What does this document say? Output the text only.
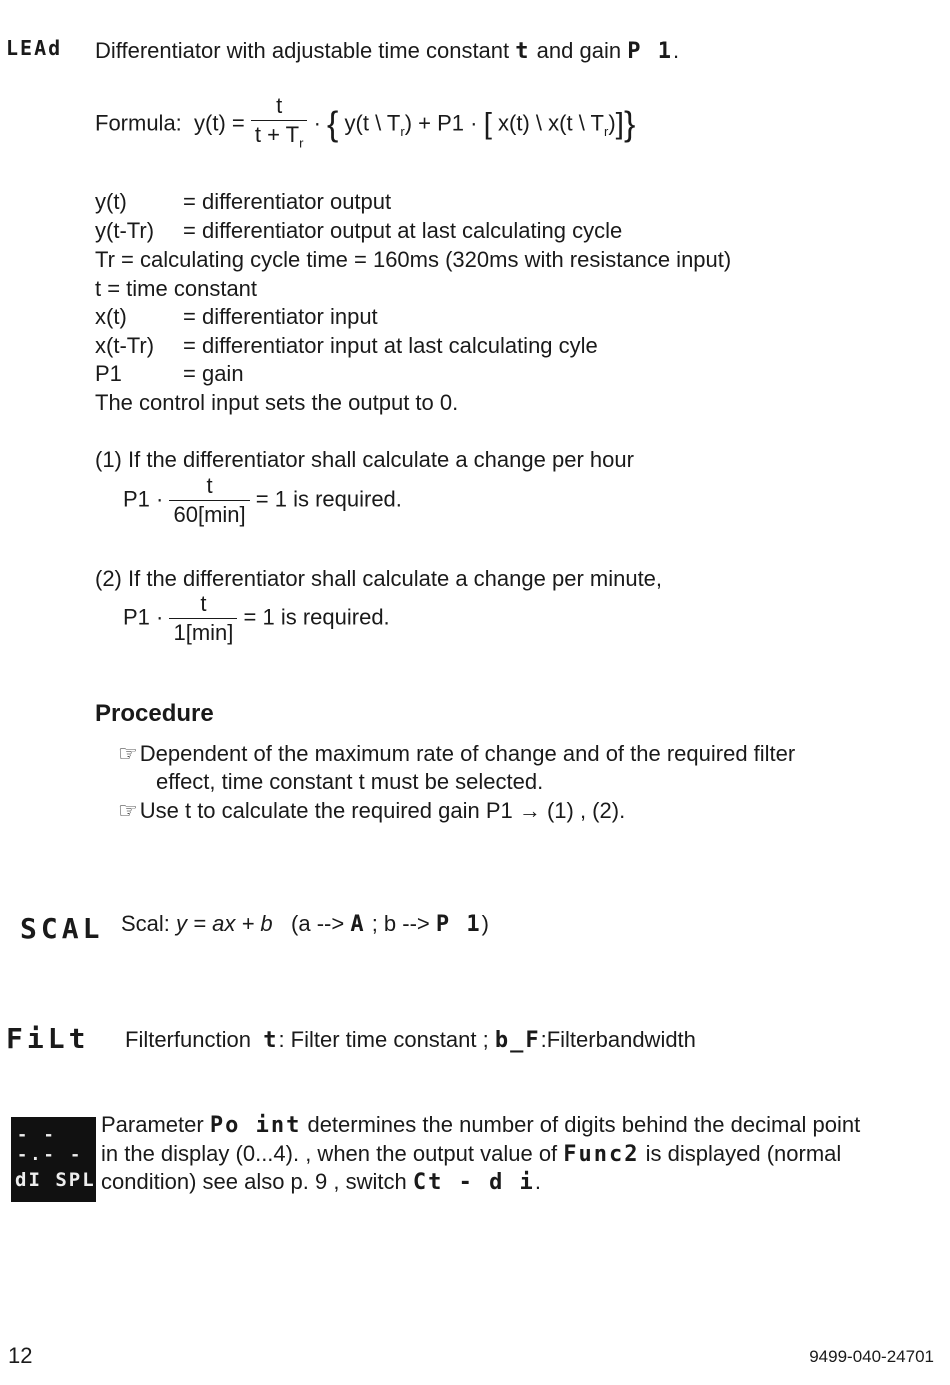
LEAd Differentiator with adjustable time constant t and gain P 1.
Formula: $y(t) = \frac{t}{t + T_r}$ · { y(t \ $T_r) + P1$ · [ x(t) \ x(t \ $T_r$)]}
y(t)	= differentiator output
y(t-Tr) = differentiator output at last calculating cycle
Tr = calculating cycle time = 160ms (320ms with resistance input)
t = time constant
x(t)	= differentiator input
x(t-Tr) = differentiator input at last calculating cyle
P1	= gain
The control input sets the output to 0.
(1) If the differentiator shall calculate a change per hour
$P1 \cdot \frac{t}{60[\min]} = 1$ is required.
(2) If the differentiator shall calculate a change per minute,
$P1 \cdot \frac{t}{1[\min]} = 1$ is required.
Procedure
☞Dependent of the maximum rate of change and of the required filter
effect, time constant t must be selected.
☞Use t to calculate the required gain P1 → (1) , (2).
SCAL Scal: y = ax + b (a --> A ; b --> P 1)
FiLt Filterfunction t: Filter time constant ; b_F:Filterbandwidth
- - -.- -
dI SPL
Parameter Po int determines the number of digits behind the decimal point
in the display (0...4). , when the output value of Func2 is displayed (normal
condition) see also p. 9 , switch Ct - d i.
12	9499-040-24701
